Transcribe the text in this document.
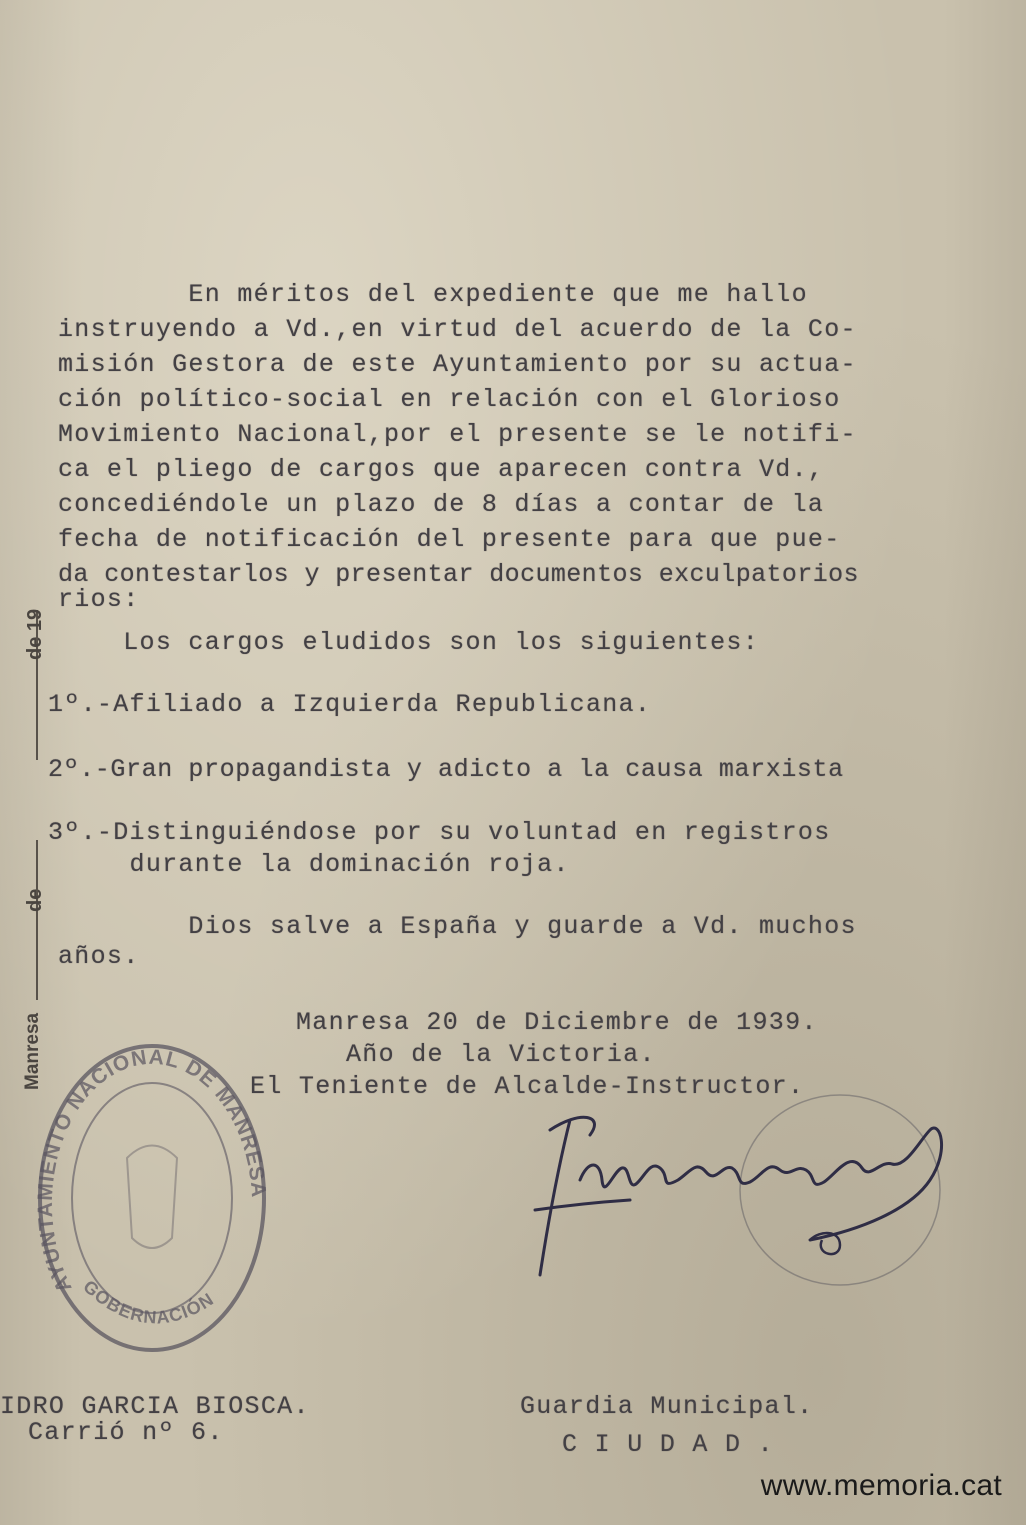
Manresa
de
de 19
En méritos del expediente que me hallo
instruyendo a Vd.,en virtud del acuerdo de la Co-
misión Gestora de este Ayuntamiento por su actua-
ción político-social en relación con el Glorioso
Movimiento Nacional,por el presente se le notifi-
ca el pliego de cargos que aparecen contra Vd.,
concediéndole un plazo de 8 días a contar de la
fecha de notificación del presente para que pue-
da contestarlos y presentar documentos exculpatorios
rios:
Los cargos eludidos son los siguientes:
1º.-Afiliado a Izquierda Republicana.
2º.-Gran propagandista y adicto a la causa marxista
3º.-Distinguiéndose por su voluntad en registros
durante la dominación roja.
Dios salve a España y guarde a Vd. muchos
años.
Manresa 20 de Diciembre de 1939.
Año de la Victoria.
El Teniente de Alcalde-Instructor.
AYUNTAMIENTO NACIONAL DE MANRESA
GOBERNACIÓN
IDRO GARCIA BIOSCA.
Carrió nº 6.
Guardia Municipal.
C I U D A D .
www.memoria.cat
